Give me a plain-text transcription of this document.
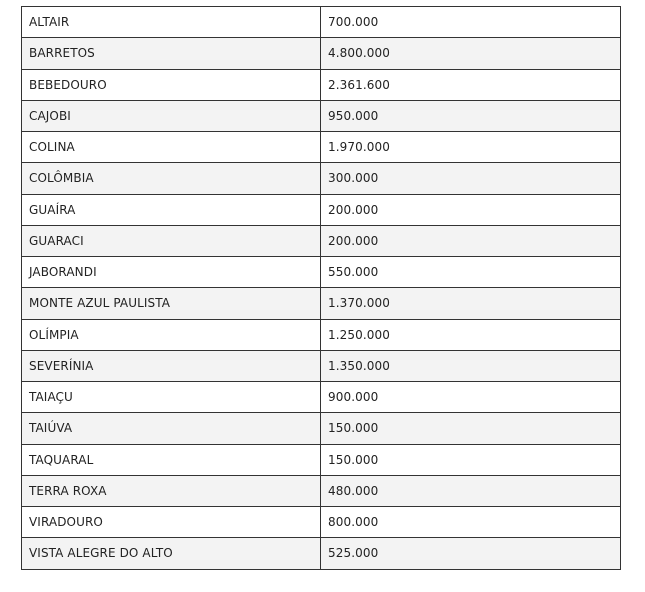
ALTAIR	700.000
BARRETOS	4.800.000
BEBEDOURO	2.361.600
CAJOBI	950.000
COLINA	1.970.000
COLÔMBIA	300.000
GUAÍRA	200.000
GUARACI	200.000
JABORANDI	550.000
MONTE AZUL PAULISTA	1.370.000
OLÍMPIA	1.250.000
SEVERÍNIA	1.350.000
TAIAÇU	900.000
TAIÚVA	150.000
TAQUARAL	150.000
TERRA ROXA	480.000
VIRADOURO	800.000
VISTA ALEGRE DO ALTO	525.000
